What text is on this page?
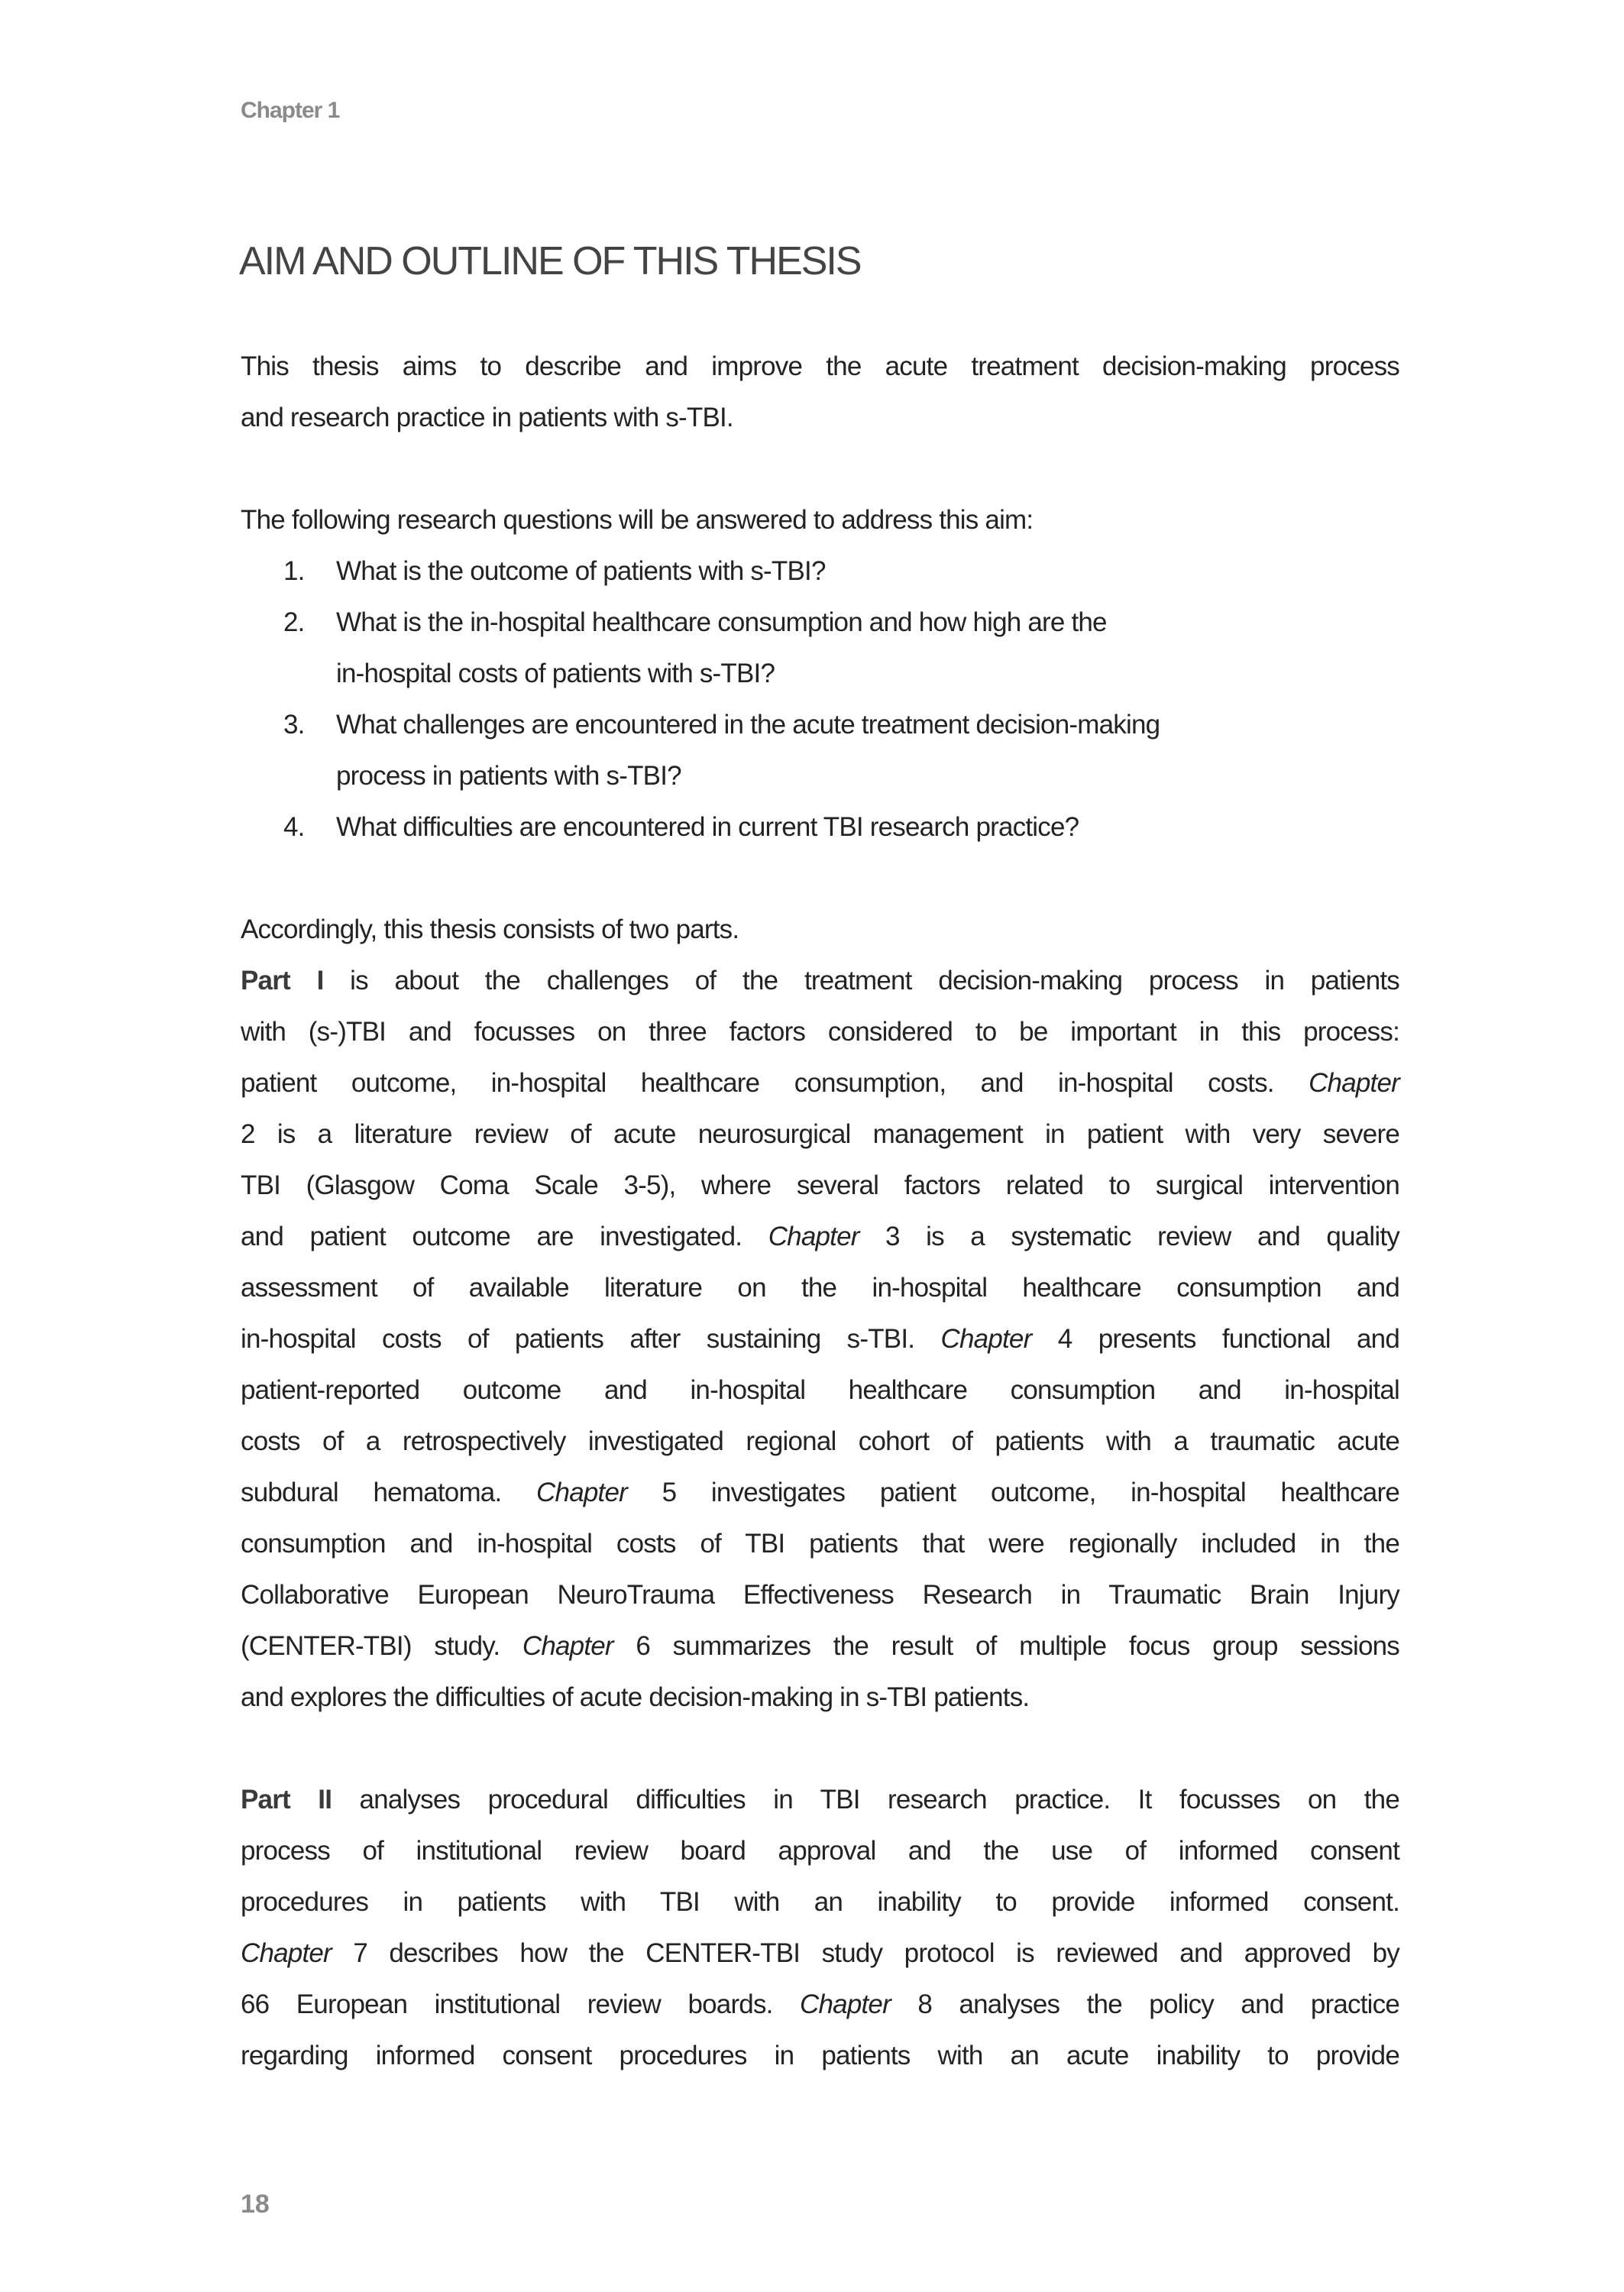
Chapter 1
AIM AND OUTLINE OF THIS THESIS
This thesis aims to describe and improve the acute treatment decision-making process
and research practice in patients with s-TBI.
The following research questions will be answered to address this aim:
1.	What is the outcome of patients with s-TBI?
2.	What is the in-hospital healthcare consumption and how high are the
in-hospital costs of patients with s-TBI?
3.	What challenges are encountered in the acute treatment decision-making
process in patients with s-TBI?
4.	What difficulties are encountered in current TBI research practice?
Accordingly, this thesis consists of two parts.
Part I is about the challenges of the treatment decision-making process in patients
with (s-)TBI and focusses on three factors considered to be important in this process:
patient outcome, in-hospital healthcare consumption, and in-hospital costs. Chapter
2 is a literature review of acute neurosurgical management in patient with very severe
TBI (Glasgow Coma Scale 3-5), where several factors related to surgical intervention
and patient outcome are investigated. Chapter 3 is a systematic review and quality
assessment of available literature on the in-hospital healthcare consumption and
in-hospital costs of patients after sustaining s-TBI. Chapter 4 presents functional and
patient-reported outcome and in-hospital healthcare consumption and in-hospital
costs of a retrospectively investigated regional cohort of patients with a traumatic acute
subdural hematoma. Chapter 5 investigates patient outcome, in-hospital healthcare
consumption and in-hospital costs of TBI patients that were regionally included in the
Collaborative European NeuroTrauma Effectiveness Research in Traumatic Brain Injury
(CENTER-TBI) study. Chapter 6 summarizes the result of multiple focus group sessions
and explores the difficulties of acute decision-making in s-TBI patients.
Part II analyses procedural difficulties in TBI research practice. It focusses on the
process of institutional review board approval and the use of informed consent
procedures in patients with TBI with an inability to provide informed consent.
Chapter 7 describes how the CENTER-TBI study protocol is reviewed and approved by
66 European institutional review boards. Chapter 8 analyses the policy and practice
regarding informed consent procedures in patients with an acute inability to provide
18
